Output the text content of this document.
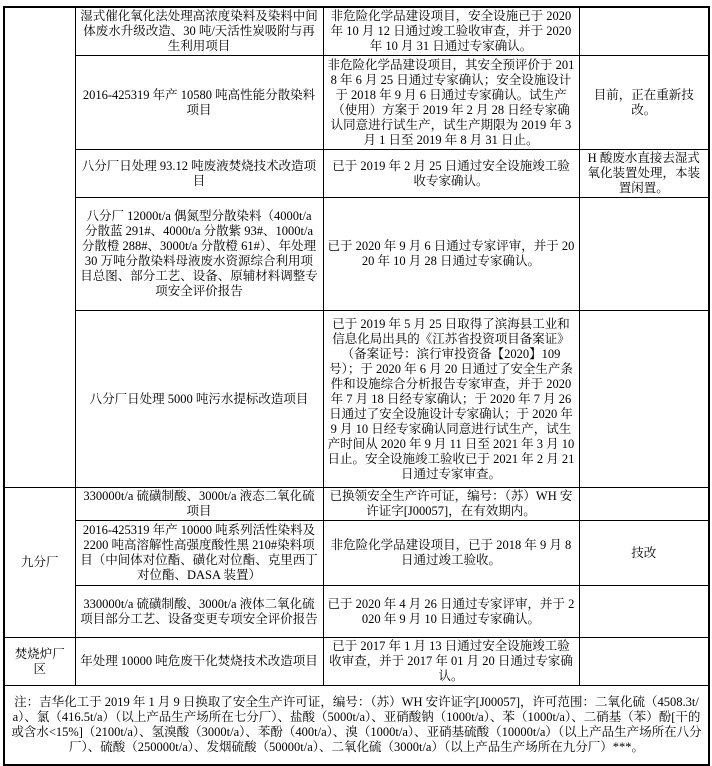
	湿式催化氧化法处理高浓度染料及染料中间体废水升级改造、30 吨/天活性炭吸附与再生利用项目	非危险化学品建设项目，安全设施已于 2020 年 10 月 12 日通过竣工验收审查，并于 2020 年 10 月 31 日通过专家确认。	
	2016-425319 年产 10580 吨高性能分散染料项目	非危险化学品建设项目，其安全预评价于 2018 年 6 月 25 日通过专家确认；安全设施设计于 2018 年 9 月 6 日通过专家确认。试生产（使用）方案于 2019 年 2 月 28 日经专家确认同意进行试生产，试生产期限为 2019 年 3 月 1 日至 2019 年 8 月 31 日止。	目前，正在重新技改。
	八分厂日处理 93.12 吨废液焚烧技术改造项目	已于 2019 年 2 月 25 日通过安全设施竣工验收专家确认。	H 酸废水直接去湿式氧化装置处理，本装置闲置。
	八分厂 12000t/a 偶氮型分散染料（4000t/a 分散蓝 291#、4000t/a 分散紫 93#、1000t/a 分散橙 288#、3000t/a 分散橙 61#）、年处理 30 万吨分散染料母液废水资源综合利用项目总图、部分工艺、设备、原辅材料调整专项安全评价报告	已于 2020 年 9 月 6 日通过专家评审，并于 2020 年 10 月 28 日通过专家确认。	
	八分厂日处理 5000 吨污水提标改造项目	已于 2019 年 5 月 25 日取得了滨海县工业和信息化局出具的《江苏省投资项目备案证》（备案证号：滨行审投资备【2020】109 号）；于 2020 年 6 月 20 日通过了安全生产条件和设施综合分析报告专家审查，并于 2020 年 7 月 18 日经专家确认；于 2020 年 7 月 26 日通过了安全设施设计专家确认；于 2020 年 9 月 10 日经专家确认同意进行试生产，试生产时间从 2020 年 9 月 11 日至 2021 年 3 月 10 日止。安全设施竣工验收已于 2021 年 2 月 21 日通过专家审查。	
九分厂	330000t/a 硫磺制酸、3000t/a 液态二氧化硫项目	已换领安全生产许可证，编号：（苏）WH 安许证字[J00057]，在有效期内。	
	2016-425319 年产 10000 吨系列活性染料及 2200 吨高溶解性高强度酸性黑 210#染料项目（中间体对位酯、磺化对位酯、克里西丁对位酯、DASA 装置）	非危险化学品建设项目，已于 2018 年 9 月 8 日通过竣工验收。	技改
	330000t/a 硫磺制酸、3000t/a 液体二氧化硫项目部分工艺、设备变更专项安全评价报告	已于 2020 年 4 月 26 日通过专家评审，并于 2020 年 9 月 10 日通过专家确认。	
焚烧炉厂区	年处理 10000 吨危废干化焚烧技术改造项目	已于 2017 年 1 月 13 日通过安全设施竣工验收审查，并于 2017 年 01 月 20 日通过专家确认。	
注：吉华化工于 2019 年 1 月 9 日换取了安全生产许可证，编号：（苏）WH 安许证字[J00057]，许可范围：二氧化硫（4508.3t/a）、氯（416.5t/a）（以上产品生产场所在七分厂）、盐酸（5000t/a）、亚硝酸钠（1000t/a）、苯（1000t/a）、二硝基（苯）酚[干的或含水<15%]（2100t/a）、氢溴酸（3000t/a）、苯酚（400t/a）、溴（1000t/a）、亚硝基硫酸（10000t/a）（以上产品生产场所在八分厂）、硫酸（250000t/a）、发烟硫酸（50000t/a）、二氧化硫（3000t/a）（以上产品生产场所在九分厂）***。			
